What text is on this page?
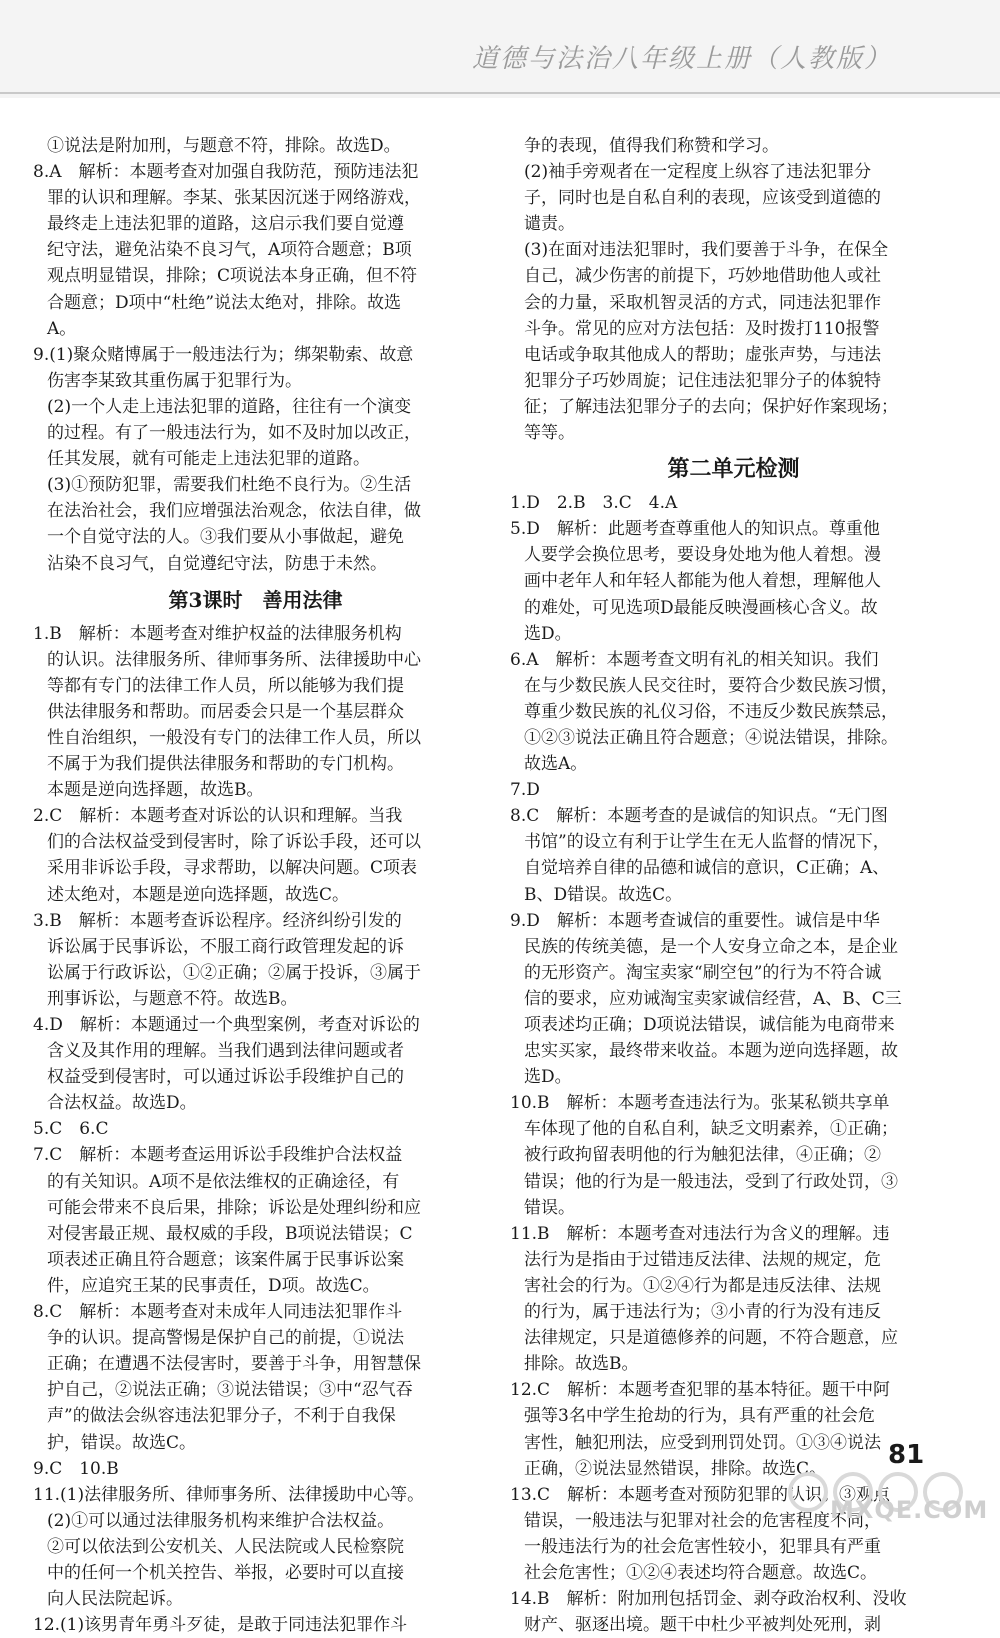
道德与法治八年级上册（人教版）
①说法是附加刑，与题意不符，排除。故选D。
8.A　解析：本题考查对加强自我防范，预防违法犯
罪的认识和理解。李某、张某因沉迷于网络游戏，
最终走上违法犯罪的道路，这启示我们要自觉遵
纪守法，避免沾染不良习气，A项符合题意；B项
观点明显错误，排除；C项说法本身正确，但不符
合题意；D项中“杜绝”说法太绝对，排除。故选
A。
9.(1)聚众赌博属于一般违法行为；绑架勒索、故意
伤害李某致其重伤属于犯罪行为。
(2)一个人走上违法犯罪的道路，往往有一个演变
的过程。有了一般违法行为，如不及时加以改正，
任其发展，就有可能走上违法犯罪的道路。
(3)①预防犯罪，需要我们杜绝不良行为。②生活
在法治社会，我们应增强法治观念，依法自律，做
一个自觉守法的人。③我们要从小事做起，避免
沾染不良习气，自觉遵纪守法，防患于未然。
第3课时　善用法律
1.B　解析：本题考查对维护权益的法律服务机构
的认识。法律服务所、律师事务所、法律援助中心
等都有专门的法律工作人员，所以能够为我们提
供法律服务和帮助。而居委会只是一个基层群众
性自治组织，一般没有专门的法律工作人员，所以
不属于为我们提供法律服务和帮助的专门机构。
本题是逆向选择题，故选B。
2.C　解析：本题考查对诉讼的认识和理解。当我
们的合法权益受到侵害时，除了诉讼手段，还可以
采用非诉讼手段，寻求帮助，以解决问题。C项表
述太绝对，本题是逆向选择题，故选C。
3.B　解析：本题考查诉讼程序。经济纠纷引发的
诉讼属于民事诉讼，不服工商行政管理发起的诉
讼属于行政诉讼，①②正确；②属于投诉，③属于
刑事诉讼，与题意不符。故选B。
4.D　解析：本题通过一个典型案例，考查对诉讼的
含义及其作用的理解。当我们遇到法律问题或者
权益受到侵害时，可以通过诉讼手段维护自己的
合法权益。故选D。
5.C　6.C
7.C　解析：本题考查运用诉讼手段维护合法权益
的有关知识。A项不是依法维权的正确途径，有
可能会带来不良后果，排除；诉讼是处理纠纷和应
对侵害最正规、最权威的手段，B项说法错误；C
项表述正确且符合题意；该案件属于民事诉讼案
件，应追究王某的民事责任，D项。故选C。
8.C　解析：本题考查对未成年人同违法犯罪作斗
争的认识。提高警惕是保护自己的前提，①说法
正确；在遭遇不法侵害时，要善于斗争，用智慧保
护自己，②说法正确；③说法错误；③中“忍气吞
声”的做法会纵容违法犯罪分子，不利于自我保
护，错误。故选C。
9.C　10.B
11.(1)法律服务所、律师事务所、法律援助中心等。
(2)①可以通过法律服务机构来维护合法权益。
②可以依法到公安机关、人民法院或人民检察院
中的任何一个机关控告、举报，必要时可以直接
向人民法院起诉。
12.(1)该男青年勇斗歹徒，是敢于同违法犯罪作斗
争的表现，值得我们称赞和学习。
(2)袖手旁观者在一定程度上纵容了违法犯罪分
子，同时也是自私自利的表现，应该受到道德的
谴责。
(3)在面对违法犯罪时，我们要善于斗争，在保全
自己，减少伤害的前提下，巧妙地借助他人或社
会的力量，采取机智灵活的方式，同违法犯罪作
斗争。常见的应对方法包括：及时拨打110报警
电话或争取其他成人的帮助；虚张声势，与违法
犯罪分子巧妙周旋；记住违法犯罪分子的体貌特
征；了解违法犯罪分子的去向；保护好作案现场；
等等。
第二单元检测
1.D　2.B　3.C　4.A
5.D　解析：此题考查尊重他人的知识点。尊重他
人要学会换位思考，要设身处地为他人着想。漫
画中老年人和年轻人都能为他人着想，理解他人
的难处，可见选项D最能反映漫画核心含义。故
选D。
6.A　解析：本题考查文明有礼的相关知识。我们
在与少数民族人民交往时，要符合少数民族习惯，
尊重少数民族的礼仪习俗，不违反少数民族禁忌，
①②③说法正确且符合题意；④说法错误，排除。
故选A。
7.D
8.C　解析：本题考查的是诚信的知识点。“无门图
书馆”的设立有利于让学生在无人监督的情况下，
自觉培养自律的品德和诚信的意识，C正确；A、
B、D错误。故选C。
9.D　解析：本题考查诚信的重要性。诚信是中华
民族的传统美德，是一个人安身立命之本，是企业
的无形资产。淘宝卖家“刷空包”的行为不符合诚
信的要求，应劝诫淘宝卖家诚信经营，A、B、C三
项表述均正确；D项说法错误，诚信能为电商带来
忠实买家，最终带来收益。本题为逆向选择题，故
选D。
10.B　解析：本题考查违法行为。张某私锁共享单
车体现了他的自私自利，缺乏文明素养，①正确；
被行政拘留表明他的行为触犯法律，④正确；②
错误；他的行为是一般违法，受到了行政处罚，③
错误。
11.B　解析：本题考查对违法行为含义的理解。违
法行为是指由于过错违反法律、法规的规定，危
害社会的行为。①②④行为都是违反法律、法规
的行为，属于违法行为；③小青的行为没有违反
法律规定，只是道德修养的问题，不符合题意，应
排除。故选B。
12.C　解析：本题考查犯罪的基本特征。题干中阿
强等3名中学生抢劫的行为，具有严重的社会危
害性，触犯刑法，应受到刑罚处罚。①③④说法
正确，②说法显然错误，排除。故选C。
13.C　解析：本题考查对预防犯罪的认识。③观点
错误，一般违法与犯罪对社会的危害程度不同，
一般违法行为的社会危害性较小，犯罪具有严重
社会危害性；①②④表述均符合题意。故选C。
14.B　解析：附加刑包括罚金、剥夺政治权利、没收
财产、驱逐出境。题干中杜少平被判处死刑，剥
81
MXQE.COM
